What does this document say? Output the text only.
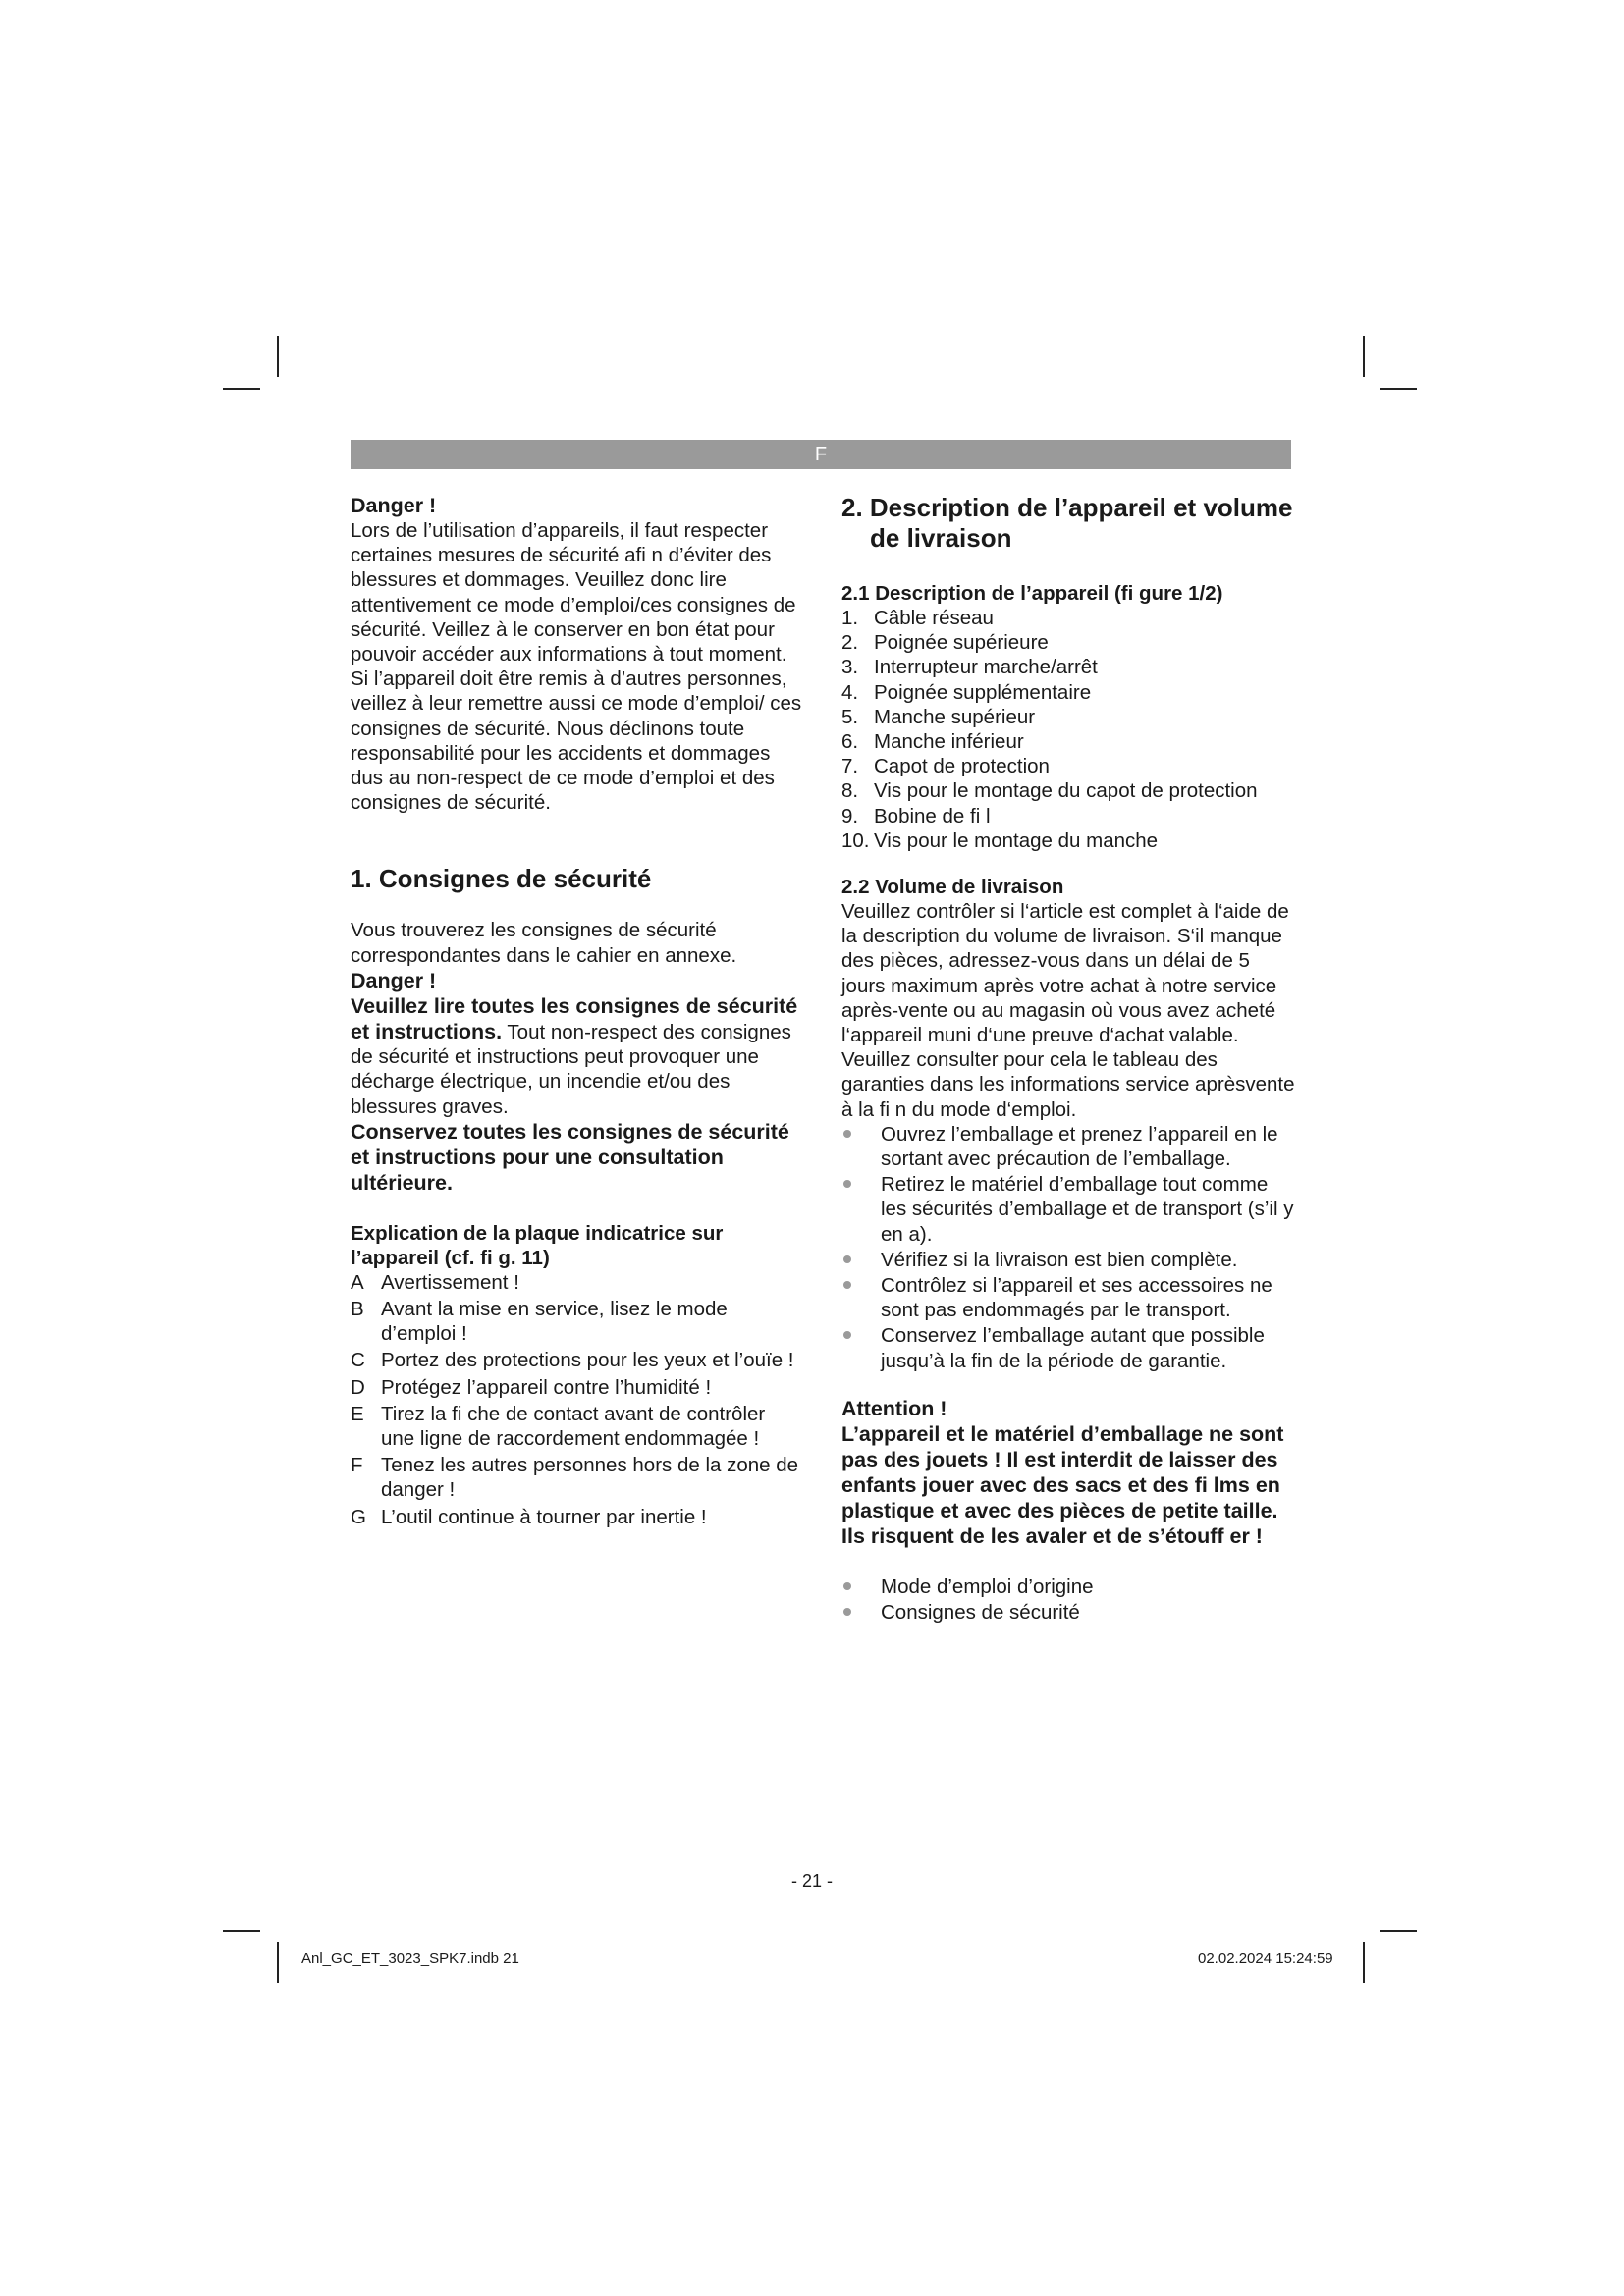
F

Danger !

Lors de l’utilisation d’appareils, il faut respecter certaines mesures de sécurité afi n d’éviter des blessures et dommages. Veuillez donc lire attentivement ce mode d’emploi/ces consignes de sécurité. Veillez à le conserver en bon état pour pouvoir accéder aux informations à tout moment. Si l’appareil doit être remis à d’autres personnes, veillez à leur remettre aussi ce mode d’emploi/ ces consignes de sécurité. Nous déclinons toute responsabilité pour les accidents et dommages dus au non-respect de ce mode d’emploi et des consignes de sécurité.

1. Consignes de sécurité

Vous trouverez les consignes de sécurité correspondantes dans le cahier en annexe.

Danger !

Veuillez lire toutes les consignes de sécurité et instructions. Tout non-respect des consignes de sécurité et instructions peut provoquer une décharge électrique, un incendie et/ou des blessures graves.

Conservez toutes les consignes de sécurité et instructions pour une consultation ultérieure.

Explication de la plaque indicatrice sur l’appareil (cf. fi g. 11)

A Avertissement !
B Avant la mise en service, lisez le mode d’emploi !
C Portez des protections pour les yeux et l’ouïe !
D Protégez l’appareil contre l’humidité !
E Tirez la fi che de contact avant de contrôler une ligne de raccordement endommagée !
F Tenez les autres personnes hors de la zone de danger !
G L’outil continue à tourner par inertie !

2. Description de l’appareil et volume de livraison

2.1 Description de l’appareil (fi gure 1/2)

1. Câble réseau
2. Poignée supérieure
3. Interrupteur marche/arrêt
4. Poignée supplémentaire
5. Manche supérieur
6. Manche inférieur
7. Capot de protection
8. Vis pour le montage du capot de protection
9. Bobine de fi l
10. Vis pour le montage du manche

2.2 Volume de livraison

Veuillez contrôler si l‘article est complet à l‘aide de la description du volume de livraison. S‘il manque des pièces, adressez-vous dans un délai de 5 jours maximum après votre achat à notre service après-vente ou au magasin où vous avez acheté l‘appareil muni d‘une preuve d‘achat valable. Veuillez consulter pour cela le tableau des garanties dans les informations service aprèsvente à la fi n du mode d‘emploi.

Ouvrez l’emballage et prenez l’appareil en le sortant avec précaution de l’emballage.
Retirez le matériel d’emballage tout comme les sécurités d’emballage et de transport (s’il y en a).
Vérifiez si la livraison est bien complète.
Contrôlez si l’appareil et ses accessoires ne sont pas endommagés par le transport.
Conservez l’emballage autant que possible jusqu’à la fin de la période de garantie.

Attention !

L’appareil et le matériel d’emballage ne sont pas des jouets ! Il est interdit de laisser des enfants jouer avec des sacs et des fi lms en plastique et avec des pièces de petite taille. Ils risquent de les avaler et de s’étouff er !

Mode d’emploi d’origine
Consignes de sécurité
- 21 -
Anl_GC_ET_3023_SPK7.indb 21	02.02.2024 15:24:59
